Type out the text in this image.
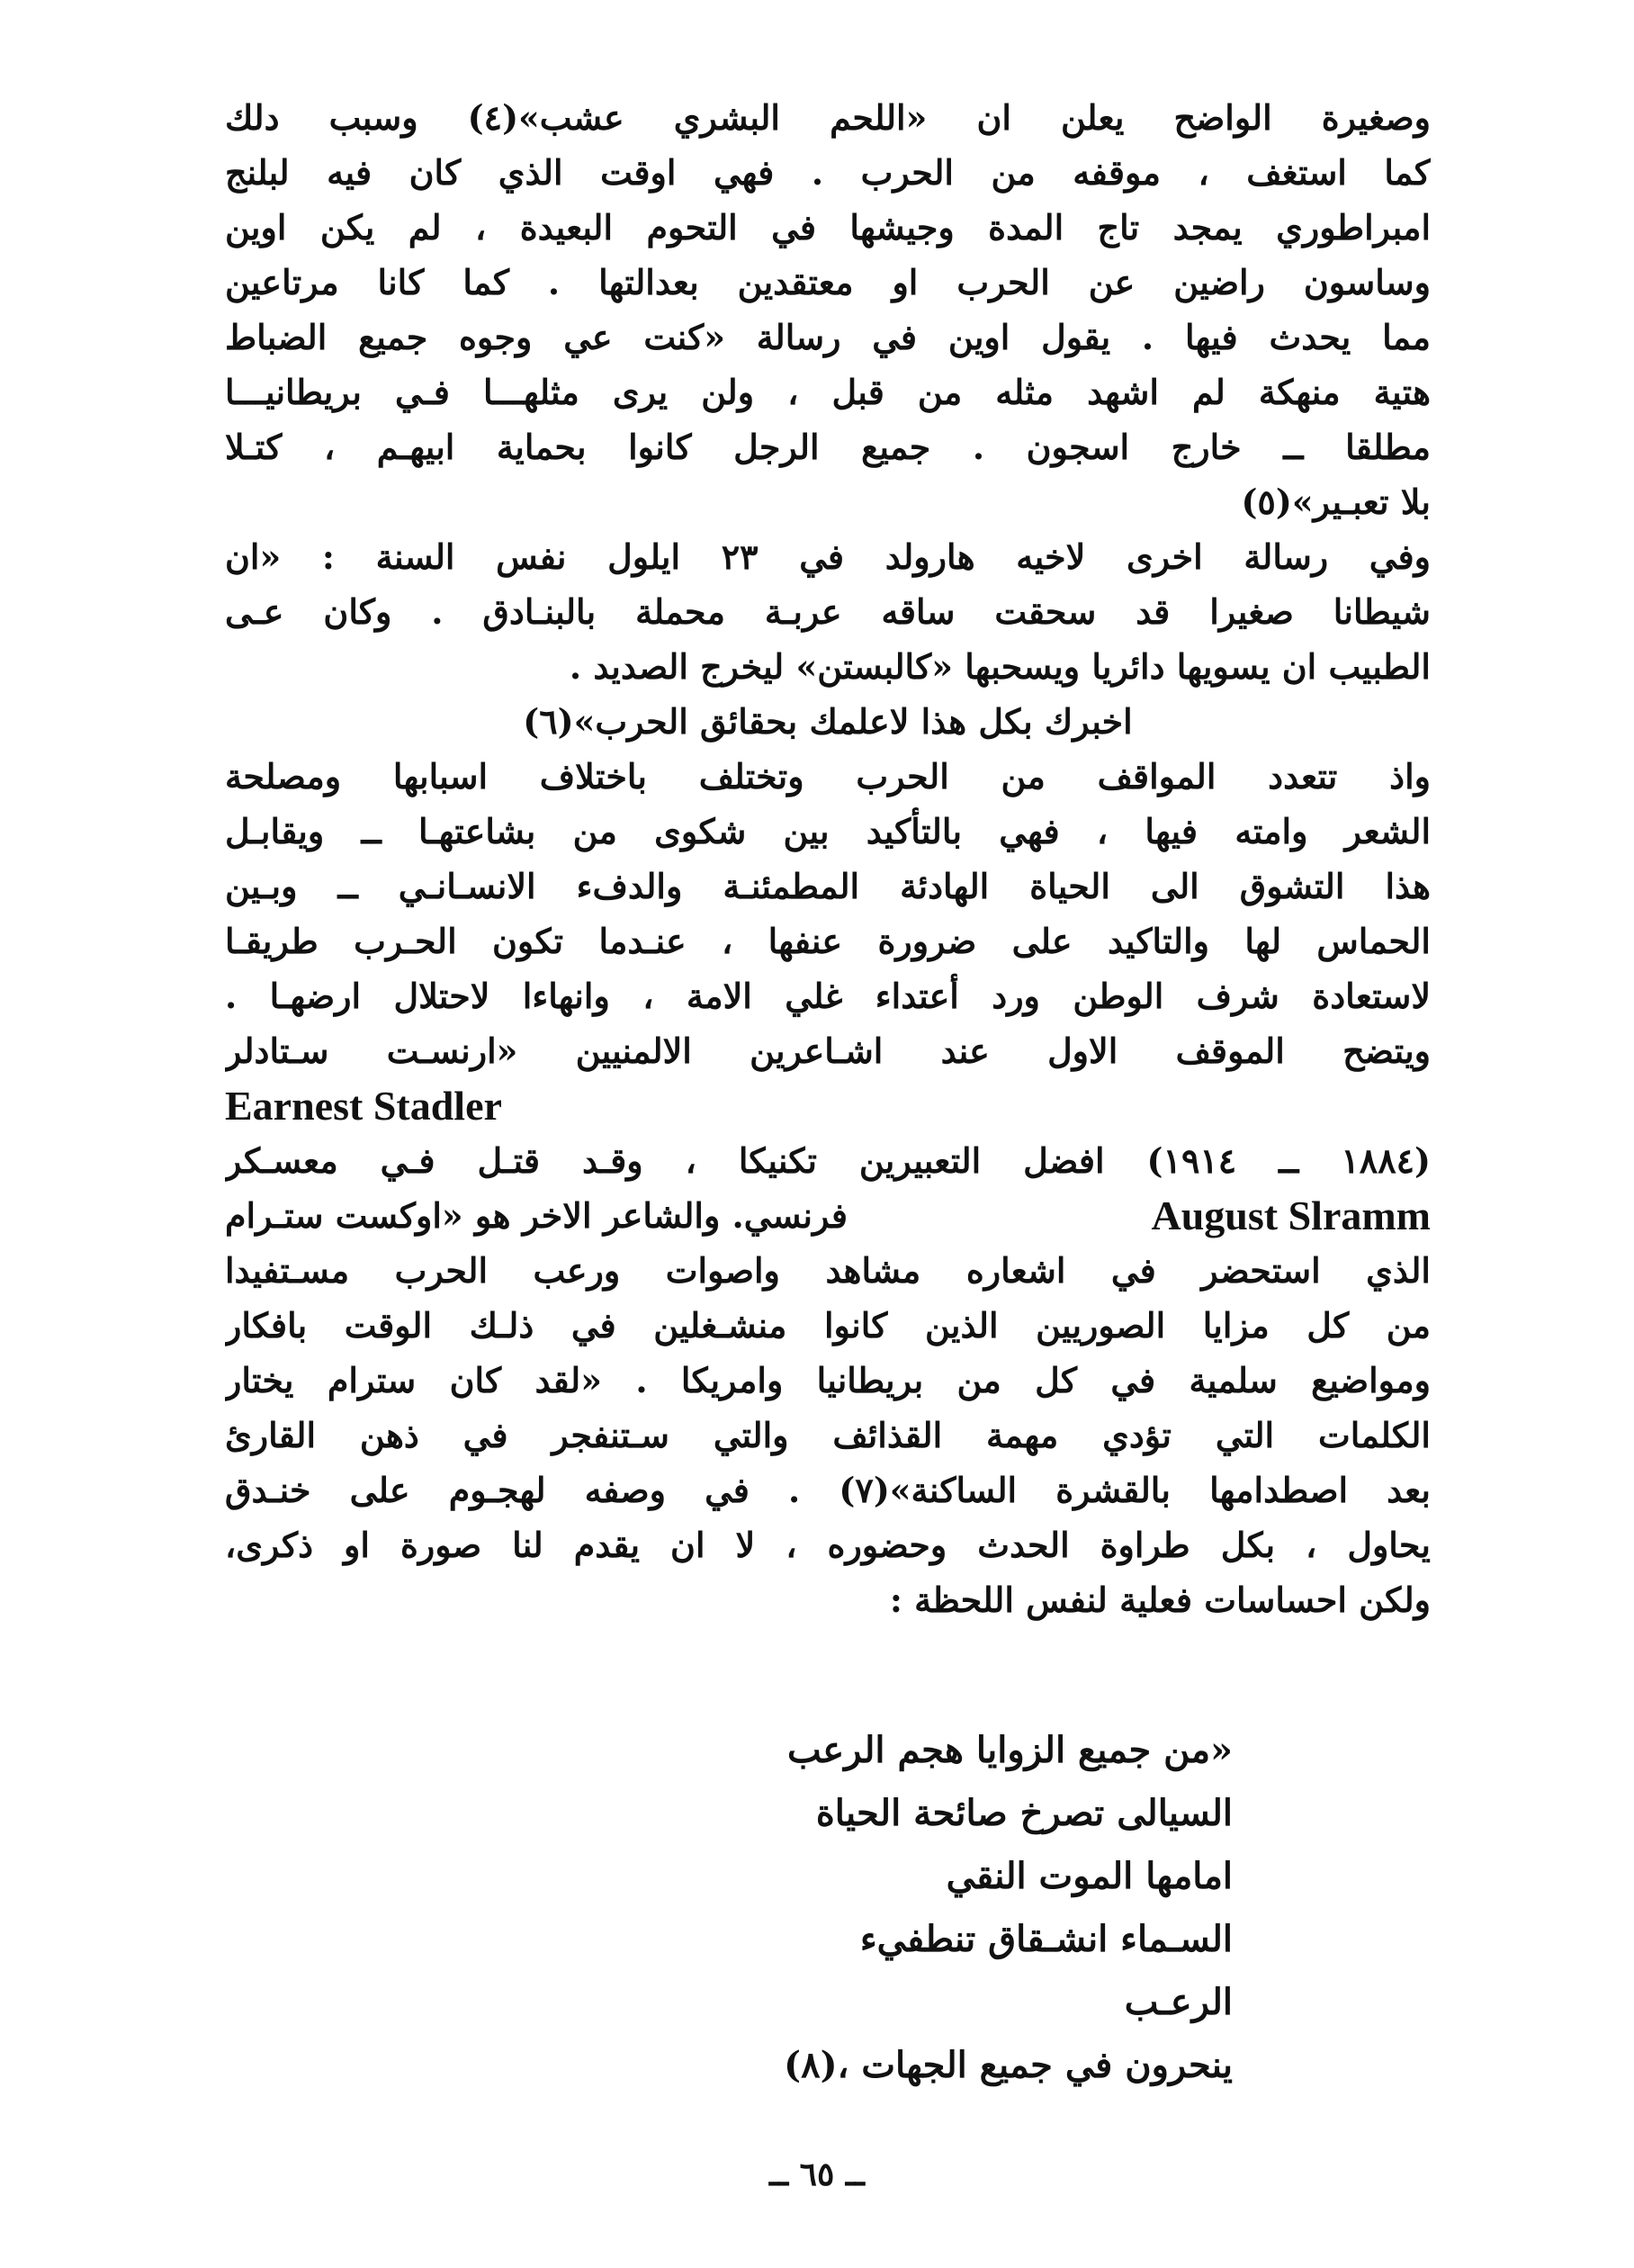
وصغيرة الواضح يعلن ان «اللحم البشري عشب»(٤) وسبب دلك
كما استغف ، موقفه من الحرب . فهي اوقت الذي كان فيه لبلنج
امبراطوري يمجد تاج المدة وجيشها في التحوم البعيدة ، لم يكن اوين
وساسون راضين عن الحرب او معتقدين بعدالتها . كما كانا مرتاعين
مما يحدث فيها . يقول اوين في رسالة «كنت عي وجوه جميع الضباط
هتية منهكة لم اشهد مثله من قبل ، ولن يرى مثلهـــا فـي بريطانيـــا
مطلقا ــ خارج اسجون . جميع الرجل كانوا بحماية ابيهـم ، كتـلا
بلا تعبـير»(٥)
وفي رسالة اخرى لاخيه هارولد في ٢٣ ايلول نفس السنة : «ان
شيطانا صغيرا قد سحقت ساقه عربـة محملة بالبنـادق . وكان عـى
الطبيب ان يسويها دائريا ويسحبها «كالبستن» ليخرج الصديد .
اخبرك بكل هذا لاعلمك بحقائق الحرب»(٦)
واذ تتعدد المواقف من الحرب وتختلف باختلاف اسبابها ومصلحة
الشعر وامته فيها ، فهي بالتأكيد بين شكوى من بشاعتهـا ــ ويقابـل
هذا التشوق الى الحياة الهادئة المطمئنـة والدفء الانسـانـي ــ وبـين
الحماس لها والتاكيد على ضرورة عنفها ، عنـدما تكون الحـرب طريقـا
لاستعادة شرف الوطن ورد أعتداء غلي الامة ، وانهاءا لاحتلال ارضهـا .
ويتضح الموقف الاول عند اشـاعرين الالمنيين «ارنسـت سـتادلر
Earnest Stadler
(١٨٨٤ ــ ١٩١٤) افضل التعبيرين تكنيكا ، وقـد قتـل فـي معسـكر
فرنسي. والشاعر الاخر هو «اوكست ستـرام	August Slramm
الذي استحضر في اشعاره مشاهد واصوات ورعب الحرب مسـتفيدا
من كل مزايا الصوريين الذين كانوا منشـغلين في ذلـك الوقت بافكار
ومواضيع سلمية في كل من بريطانيا وامريكا . «لقد كان سترام يختار
الكلمات التي تؤدي مهمة القذائف والتي سـتنفجر في ذهن القارئ
بعد اصطدامها بالقشرة الساكنة»(٧) . في وصفه لهجـوم على خنـدق
يحاول ، بكل طراوة الحدث وحضوره ، لا ان يقدم لنا صورة او ذكرى،
ولكن احساسات فعلية لنفس اللحظة :
«من جميع الزوايا هجم الرعب
السيالى تصرخ صائحة الحياة
امامها الموت النقي
السـماء انشـقاق تنطفيء
الرعـب
ينحرون في جميع الجهات ،(٨)
ــ ٦٥ ــ
